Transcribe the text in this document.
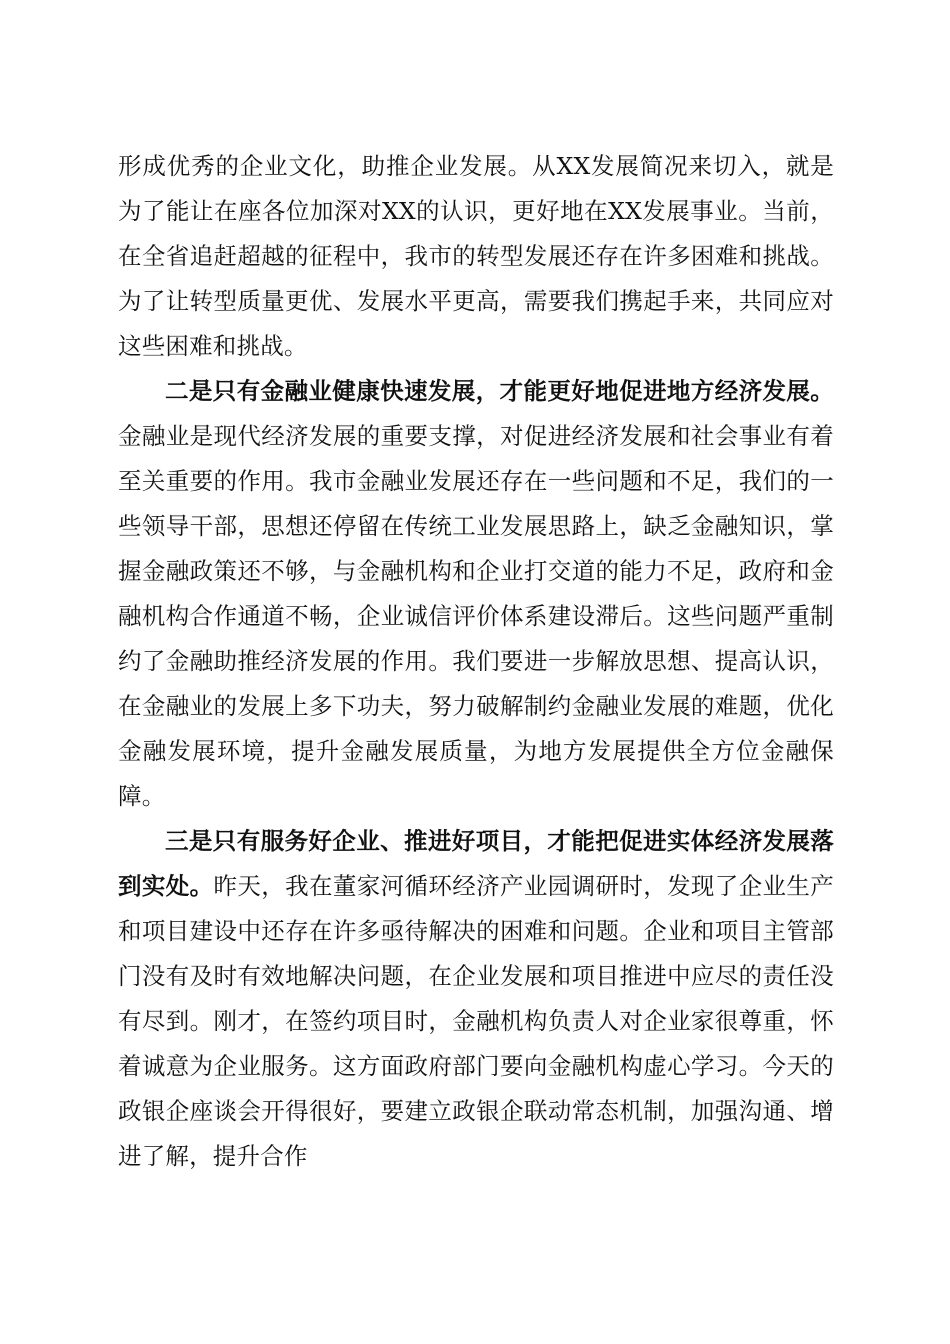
形成优秀的企业文化，助推企业发展。从XX发展简况来切入，就是为了能让在座各位加深对XX的认识，更好地在XX发展事业。当前，在全省追赶超越的征程中，我市的转型发展还存在许多困难和挑战。为了让转型质量更优、发展水平更高，需要我们携起手来，共同应对这些困难和挑战。

二是只有金融业健康快速发展，才能更好地促进地方经济发展。金融业是现代经济发展的重要支撑，对促进经济发展和社会事业有着至关重要的作用。我市金融业发展还存在一些问题和不足，我们的一些领导干部，思想还停留在传统工业发展思路上，缺乏金融知识，掌握金融政策还不够，与金融机构和企业打交道的能力不足，政府和金融机构合作通道不畅，企业诚信评价体系建设滞后。这些问题严重制约了金融助推经济发展的作用。我们要进一步解放思想、提高认识，在金融业的发展上多下功夫，努力破解制约金融业发展的难题，优化金融发展环境，提升金融发展质量，为地方发展提供全方位金融保障。

三是只有服务好企业、推进好项目，才能把促进实体经济发展落到实处。昨天，我在董家河循环经济产业园调研时，发现了企业生产和项目建设中还存在许多亟待解决的困难和问题。企业和项目主管部门没有及时有效地解决问题，在企业发展和项目推进中应尽的责任没有尽到。刚才，在签约项目时，金融机构负责人对企业家很尊重，怀着诚意为企业服务。这方面政府部门要向金融机构虚心学习。今天的政银企座谈会开得很好，要建立政银企联动常态机制，加强沟通、增进了解，提升合作
